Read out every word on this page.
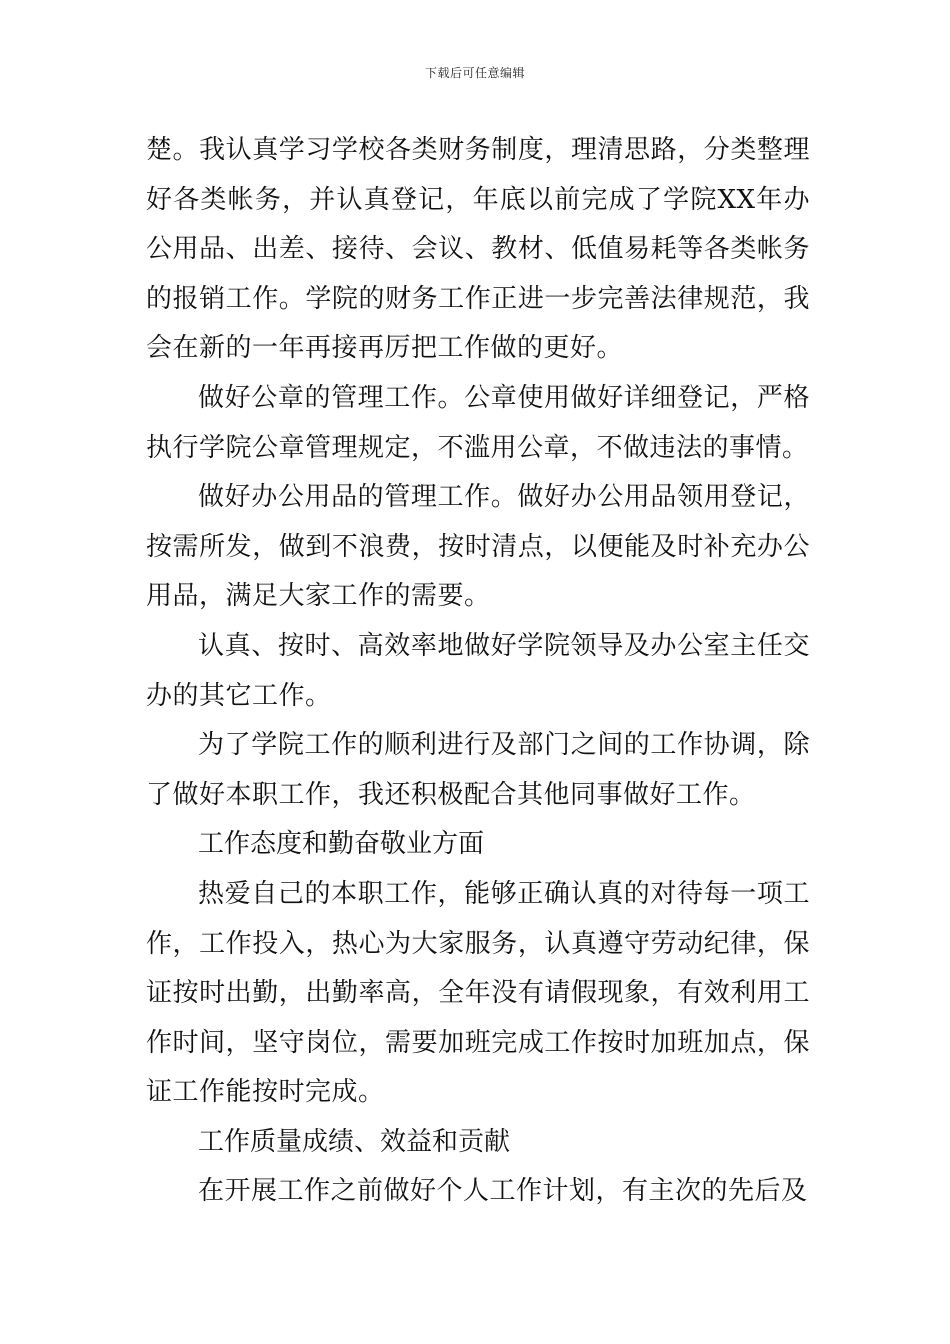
下载后可任意编辑

楚。我认真学习学校各类财务制度，理清思路，分类整理好各类帐务，并认真登记，年底以前完成了学院XX年办公用品、出差、接待、会议、教材、低值易耗等各类帐务的报销工作。学院的财务工作正进一步完善法律规范，我会在新的一年再接再厉把工作做的更好。

做好公章的管理工作。公章使用做好详细登记，严格执行学院公章管理规定，不滥用公章，不做违法的事情。

做好办公用品的管理工作。做好办公用品领用登记，按需所发，做到不浪费，按时清点，以便能及时补充办公用品，满足大家工作的需要。

认真、按时、高效率地做好学院领导及办公室主任交办的其它工作。

为了学院工作的顺利进行及部门之间的工作协调，除了做好本职工作，我还积极配合其他同事做好工作。

工作态度和勤奋敬业方面

热爱自己的本职工作，能够正确认真的对待每一项工作，工作投入，热心为大家服务，认真遵守劳动纪律，保证按时出勤，出勤率高，全年没有请假现象，有效利用工作时间，坚守岗位，需要加班完成工作按时加班加点，保证工作能按时完成。

工作质量成绩、效益和贡献

在开展工作之前做好个人工作计划，有主次的先后及
